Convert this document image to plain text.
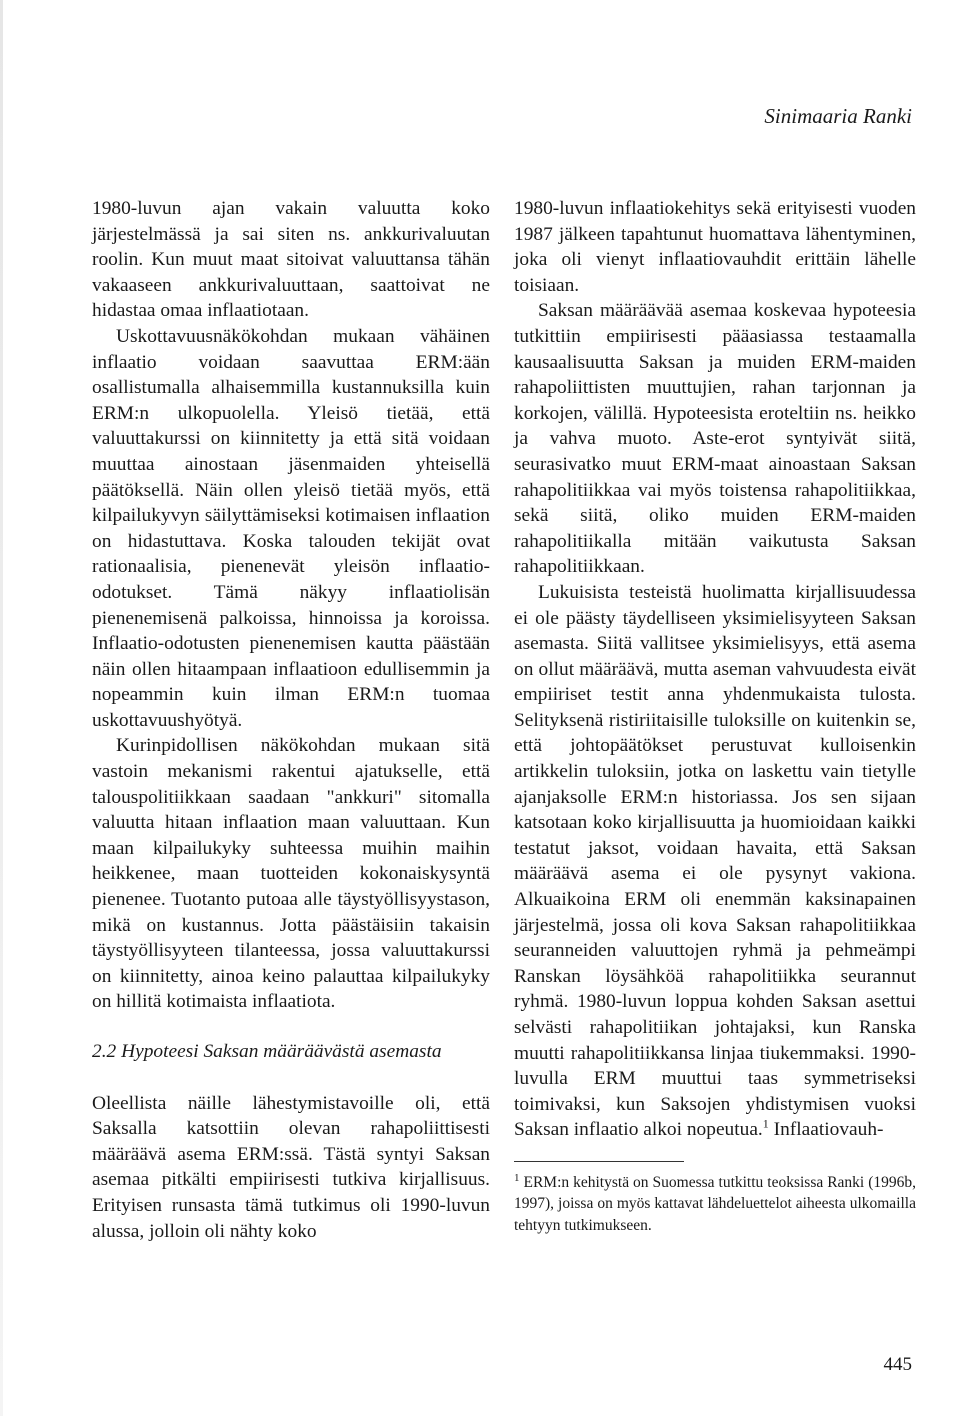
Sinimaaria Ranki

1980-luvun ajan vakain valuutta koko järjestelmässä ja sai siten ns. ankkurivaluutan roolin. Kun muut maat sitoivat valuuttansa tähän vakaaseen ankkurivaluuttaan, saattoivat ne hidastaa omaa inflaatiotaan.

Uskottavuusnäkökohdan mukaan vähäinen inflaatio voidaan saavuttaa ERM:ään osallistumalla alhaisemmilla kustannuksilla kuin ERM:n ulkopuolella. Yleisö tietää, että valuuttakurssi on kiinnitetty ja että sitä voidaan muuttaa ainostaan jäsenmaiden yhteisellä päätöksellä. Näin ollen yleisö tietää myös, että kilpailukyvyn säilyttämiseksi kotimaisen inflaation on hidastuttava. Koska talouden tekijät ovat rationaalisia, pienenevät yleisön inflaatio-odotukset. Tämä näkyy inflaatiolisän pienenemisenä palkoissa, hinnoissa ja koroissa. Inflaatio-odotusten pienenemisen kautta päästään näin ollen hitaampaan inflaatioon edullisemmin ja nopeammin kuin ilman ERM:n tuomaa uskottavuushyötyä.

Kurinpidollisen näkökohdan mukaan sitä vastoin mekanismi rakentui ajatukselle, että talouspolitiikkaan saadaan "ankkuri" sitomalla valuutta hitaan inflaation maan valuuttaan. Kun maan kilpailukyky suhteessa muihin maihin heikkenee, maan tuotteiden kokonaiskysyntä pienenee. Tuotanto putoaa alle täystyöllisyystason, mikä on kustannus. Jotta päästäisiin takaisin täystyöllisyyteen tilanteessa, jossa valuuttakurssi on kiinnitetty, ainoa keino palauttaa kilpailukyky on hillitä kotimaista inflaatiota.

2.2 Hypoteesi Saksan määräävästä asemasta

Oleellista näille lähestymistavoille oli, että Saksalla katsottiin olevan rahapoliittisesti määräävä asema ERM:ssä. Tästä syntyi Saksan asemaa pitkälti empiirisesti tutkiva kirjallisuus. Erityisen runsasta tämä tutkimus oli 1990-luvun alussa, jolloin oli nähty koko

1980-luvun inflaatiokehitys sekä erityisesti vuoden 1987 jälkeen tapahtunut huomattava lähentyminen, joka oli vienyt inflaatiovauhdit erittäin lähelle toisiaan.

Saksan määräävää asemaa koskevaa hypoteesia tutkittiin empiirisesti pääasiassa testaamalla kausaalisuutta Saksan ja muiden ERM-maiden rahapoliittisten muuttujien, rahan tarjonnan ja korkojen, välillä. Hypoteesista eroteltiin ns. heikko ja vahva muoto. Aste-erot syntyivät siitä, seurasivatko muut ERM-maat ainoastaan Saksan rahapolitiikkaa vai myös toistensa rahapolitiikkaa, sekä siitä, oliko muiden ERM-maiden rahapolitiikalla mitään vaikutusta Saksan rahapolitiikkaan.

Lukuisista testeistä huolimatta kirjallisuudessa ei ole päästy täydelliseen yksimielisyyteen Saksan asemasta. Siitä vallitsee yksimielisyys, että asema on ollut määräävä, mutta aseman vahvuudesta eivät empiiriset testit anna yhdenmukaista tulosta. Selityksenä ristiriitaisille tuloksille on kuitenkin se, että johtopäätökset perustuvat kulloisenkin artikkelin tuloksiin, jotka on laskettu vain tietylle ajanjaksolle ERM:n historiassa. Jos sen sijaan katsotaan koko kirjallisuutta ja huomioidaan kaikki testatut jaksot, voidaan havaita, että Saksan määräävä asema ei ole pysynyt vakiona. Alkuaikoina ERM oli enemmän kaksinapainen järjestelmä, jossa oli kova Saksan rahapolitiikkaa seuranneiden valuuttojen ryhmä ja pehmeämpi Ranskan löysähköä rahapolitiikka seurannut ryhmä. 1980-luvun loppua kohden Saksan asettui selvästi rahapolitiikan johtajaksi, kun Ranska muutti rahapolitiikkansa linjaa tiukemmaksi. 1990-luvulla ERM muuttui taas symmetriseksi toimivaksi, kun Saksojen yhdistymisen vuoksi Saksan inflaatio alkoi nopeutua.$^1$ Inflaatiovauh-

$^1$ ERM:n kehitystä on Suomessa tutkittu teoksissa Ranki (1996b, 1997), joissa on myös kattavat lähdeluettelot aiheesta ulkomailla tehtyyn tutkimukseen.

445
